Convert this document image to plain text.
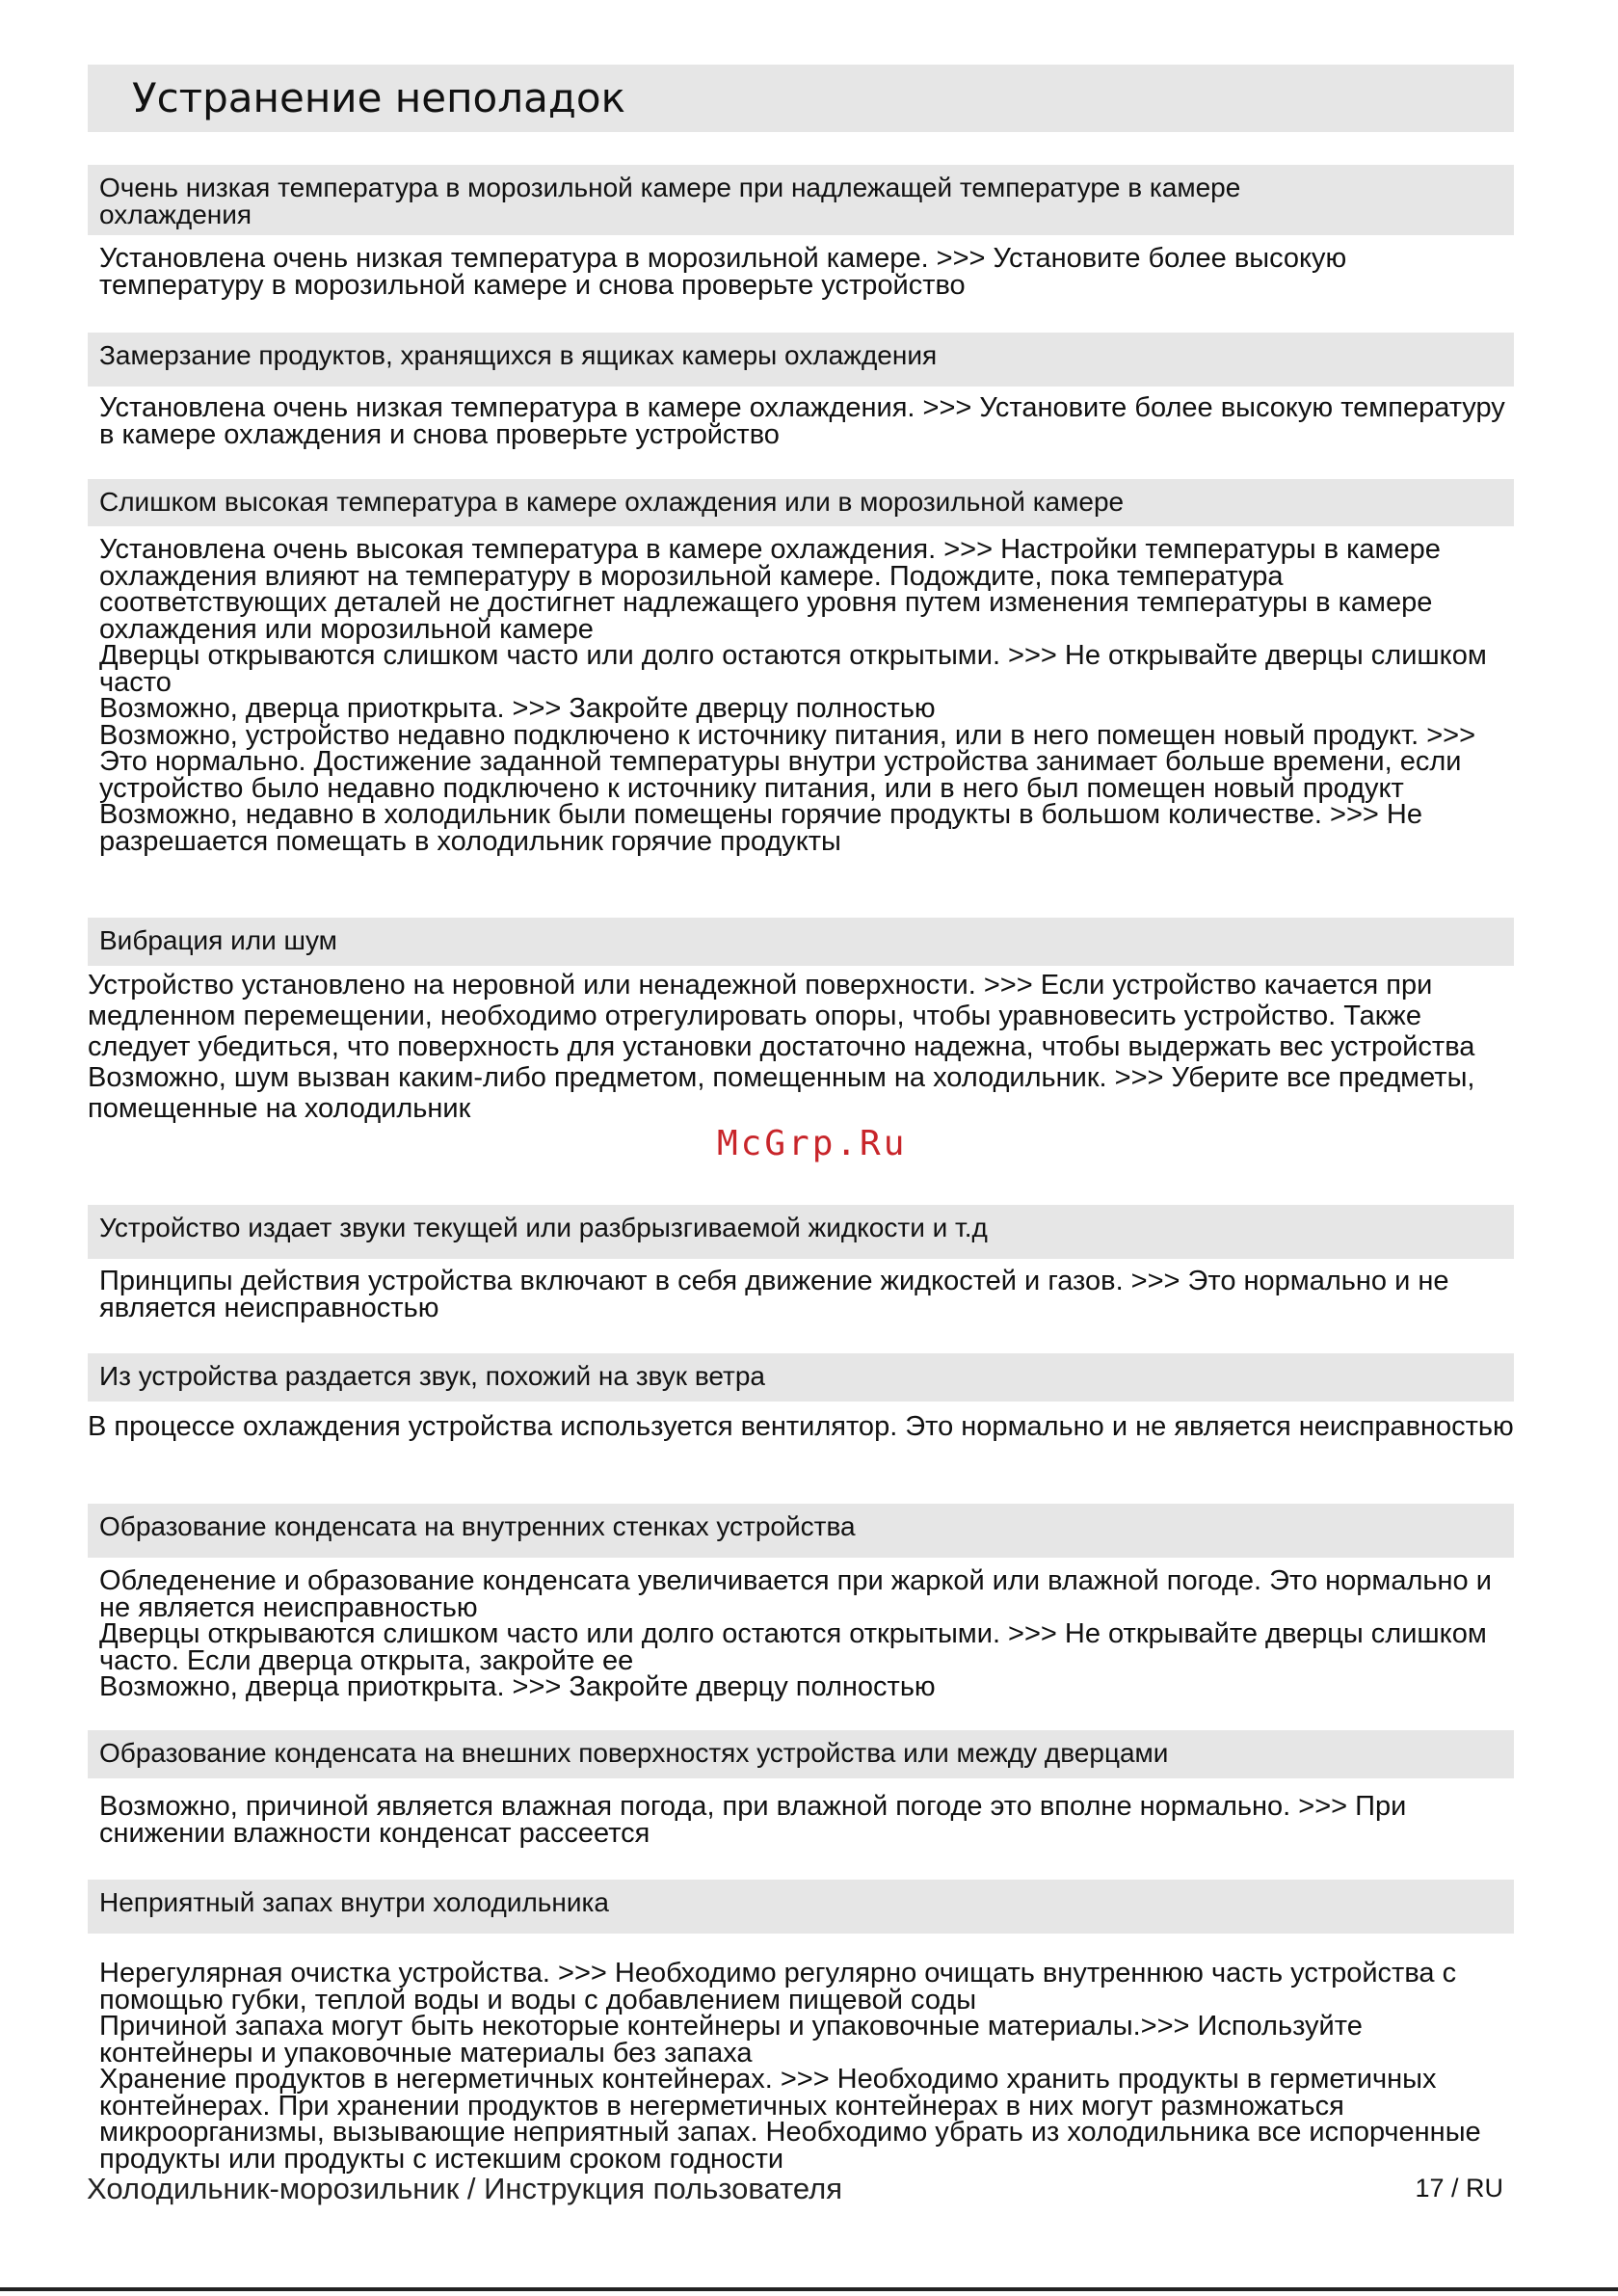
Устранение неполадок
Очень низкая температура в морозильной камере при надлежащей температуре в камере
охлаждения
Установлена очень низкая температура в морозильной камере. >>> Установите более высокую температуру в морозильной камере и снова проверьте устройство
Замерзание продуктов, хранящихся в ящиках камеры охлаждения
Установлена очень низкая температура в камере охлаждения. >>> Установите более высокую температуру в камере охлаждения и снова проверьте устройство
Слишком высокая температура в камере охлаждения или в морозильной камере
Установлена очень высокая температура в камере охлаждения. >>> Настройки температуры в камере охлаждения влияют на температуру в морозильной камере. Подождите, пока температура соответствующих деталей не достигнет надлежащего уровня путем изменения температуры в камере охлаждения или морозильной камере
Дверцы открываются слишком часто или долго остаются открытыми. >>> Не открывайте дверцы слишком часто
Возможно, дверца приоткрыта. >>> Закройте дверцу полностью
Возможно, устройство недавно подключено к источнику питания, или в него помещен новый продукт. >>> Это нормально. Достижение заданной температуры внутри устройства занимает больше времени, если устройство было недавно подключено к источнику питания, или в него был помещен новый продукт
Возможно, недавно в холодильник были помещены горячие продукты в большом количестве. >>> Не разрешается помещать в холодильник горячие продукты
Вибрация или шум
Устройство установлено на неровной или ненадежной поверхности. >>> Если устройство качается при медленном перемещении, необходимо отрегулировать опоры, чтобы уравновесить устройство. Также следует убедиться, что поверхность для установки достаточно надежна, чтобы выдержать вес устройства
Возможно, шум вызван каким-либо предметом, помещенным на холодильник. >>> Уберите все предметы, помещенные на холодильник
McGrp.Ru
Устройство издает звуки текущей или разбрызгиваемой жидкости и т.д
Принципы действия устройства включают в себя движение жидкостей и газов. >>> Это нормально и не является неисправностью
Из устройства раздается звук, похожий на звук ветра
В процессе охлаждения устройства используется вентилятор. Это нормально и не является неисправностью
Образование конденсата на внутренних стенках устройства
Обледенение и образование конденсата увеличивается при жаркой или влажной погоде. Это нормально и не является неисправностью
Дверцы открываются слишком часто или долго остаются открытыми. >>> Не открывайте дверцы слишком часто. Если дверца открыта, закройте ее
Возможно, дверца приоткрыта. >>> Закройте дверцу полностью
Образование конденсата на внешних поверхностях устройства или между дверцами
Возможно, причиной является влажная погода, при влажной погоде это вполне нормально. >>> При снижении влажности конденсат рассеется
Неприятный запах внутри холодильника
Нерегулярная очистка устройства. >>> Необходимо регулярно очищать внутреннюю часть устройства с помощью губки, теплой воды и воды с добавлением пищевой соды
Причиной запаха могут быть некоторые контейнеры и упаковочные материалы.>>> Используйте контейнеры и упаковочные материалы без запаха
Хранение продуктов в негерметичных контейнерах. >>> Необходимо хранить продукты в герметичных контейнерах. При хранении продуктов в негерметичных контейнерах в них могут размножаться микроорганизмы, вызывающие неприятный запах. Необходимо убрать из холодильника все испорченные продукты или продукты с истекшим сроком годности
Холодильник-морозильник / Инструкция пользователя	17 / RU
